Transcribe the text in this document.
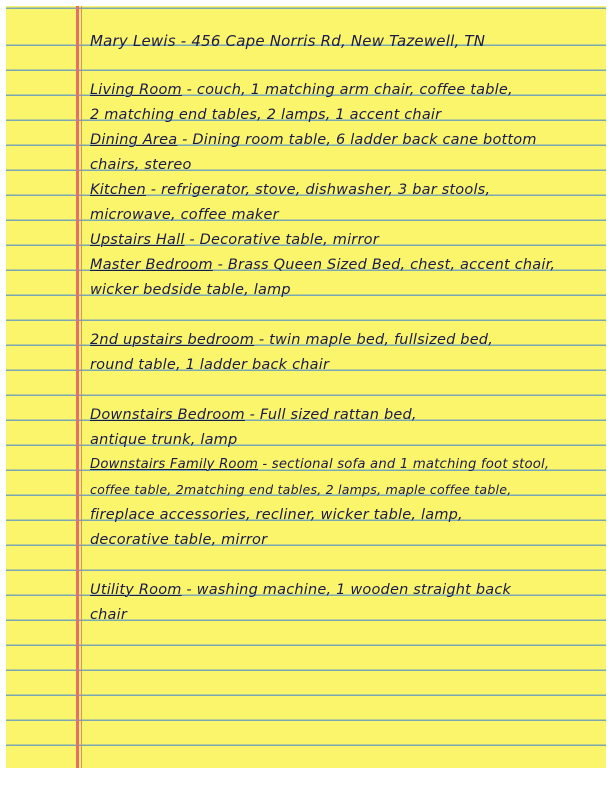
Mary Lewis - 456 Cape Norris Rd, New Tazewell, TN
Living Room - couch, 1 matching arm chair, coffee table,
2 matching end tables, 2 lamps, 1 accent chair
Dining Area - Dining room table, 6 ladder back cane bottom
chairs, stereo
Kitchen - refrigerator, stove, dishwasher, 3 bar stools,
microwave, coffee maker
Upstairs Hall - Decorative table, mirror
Master Bedroom - Brass Queen Sized Bed, chest, accent chair,
wicker bedside table, lamp
2nd upstairs bedroom - twin maple bed, fullsized bed,
round table, 1 ladder back chair
Downstairs Bedroom - Full sized rattan bed,
antique trunk, lamp
Downstairs Family Room - sectional sofa and 1 matching foot stool,
coffee table, 2matching end tables, 2 lamps, maple coffee table,
fireplace accessories, recliner, wicker table, lamp,
decorative table, mirror
Utility Room - washing machine, 1 wooden straight back
chair
